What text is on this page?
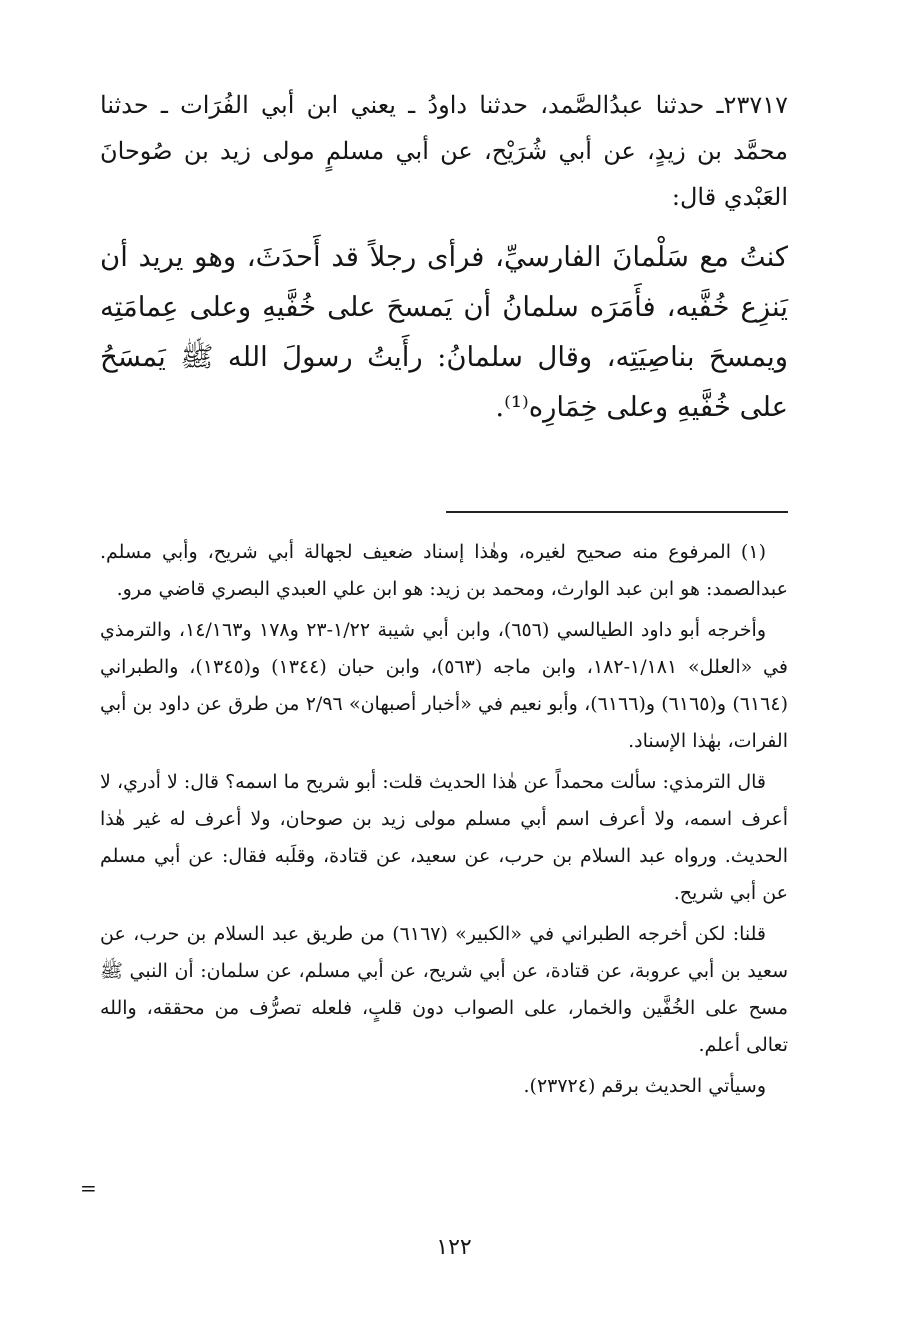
٢٣٧١٧ـ حدثنا عبدُالصَّمد، حدثنا داودُ ـ يعني ابن أبي الفُرَات ـ حدثنا محمَّد بن زيدٍ، عن أبي شُرَيْح، عن أبي مسلمٍ مولى زيد بن صُوحانَ العَبْدي قال:

كنتُ مع سَلْمانَ الفارسيِّ، فرأى رجلاً قد أَحدَثَ، وهو يريد أن يَنزِع خُفَّيه، فأَمَرَه سلمانُ أن يَمسحَ على خُفَّيهِ وعلى عِمامَتِه ويمسحَ بناصِيَتِه، وقال سلمانُ: رأَيتُ رسولَ الله ﷺ يَمسَحُ على خُفَّيهِ وعلى خِمَارِه⁽¹⁾.

(١) المرفوع منه صحيح لغيره، وهٰذا إسناد ضعيف لجهالة أبي شريح، وأبي مسلم. عبدالصمد: هو ابن عبد الوارث، ومحمد بن زيد: هو ابن علي العبدي البصري قاضي مرو.

وأخرجه أبو داود الطيالسي (٦٥٦)، وابن أبي شيبة ١/٢٢-٢٣ و١٧٨ و١٤/١٦٣، والترمذي في «العلل» ١/١٨١-١٨٢، وابن ماجه (٥٦٣)، وابن حبان (١٣٤٤) و(١٣٤٥)، والطبراني (٦١٦٤) و(٦١٦٥) و(٦١٦٦)، وأبو نعيم في «أخبار أصبهان» ٢/٩٦ من طرق عن داود بن أبي الفرات، بهٰذا الإسناد.

قال الترمذي: سألت محمداً عن هٰذا الحديث قلت: أبو شريح ما اسمه؟ قال: لا أدري، لا أعرف اسمه، ولا أعرف اسم أبي مسلم مولى زيد بن صوحان، ولا أعرف له غير هٰذا الحديث. ورواه عبد السلام بن حرب، عن سعيد، عن قتادة، وقلَبه فقال: عن أبي مسلم عن أبي شريح.

قلنا: لكن أخرجه الطبراني في «الكبير» (٦١٦٧) من طريق عبد السلام بن حرب، عن سعيد بن أبي عروبة، عن قتادة، عن أبي شريح، عن أبي مسلم، عن سلمان: أن النبي ﷺ مسح على الخُفَّين والخمار، على الصواب دون قلبٍ، فلعله تصرُّف من محققه، والله تعالى أعلم.

وسيأتي الحديث برقم (٢٣٧٢٤).

=
١٢٢
